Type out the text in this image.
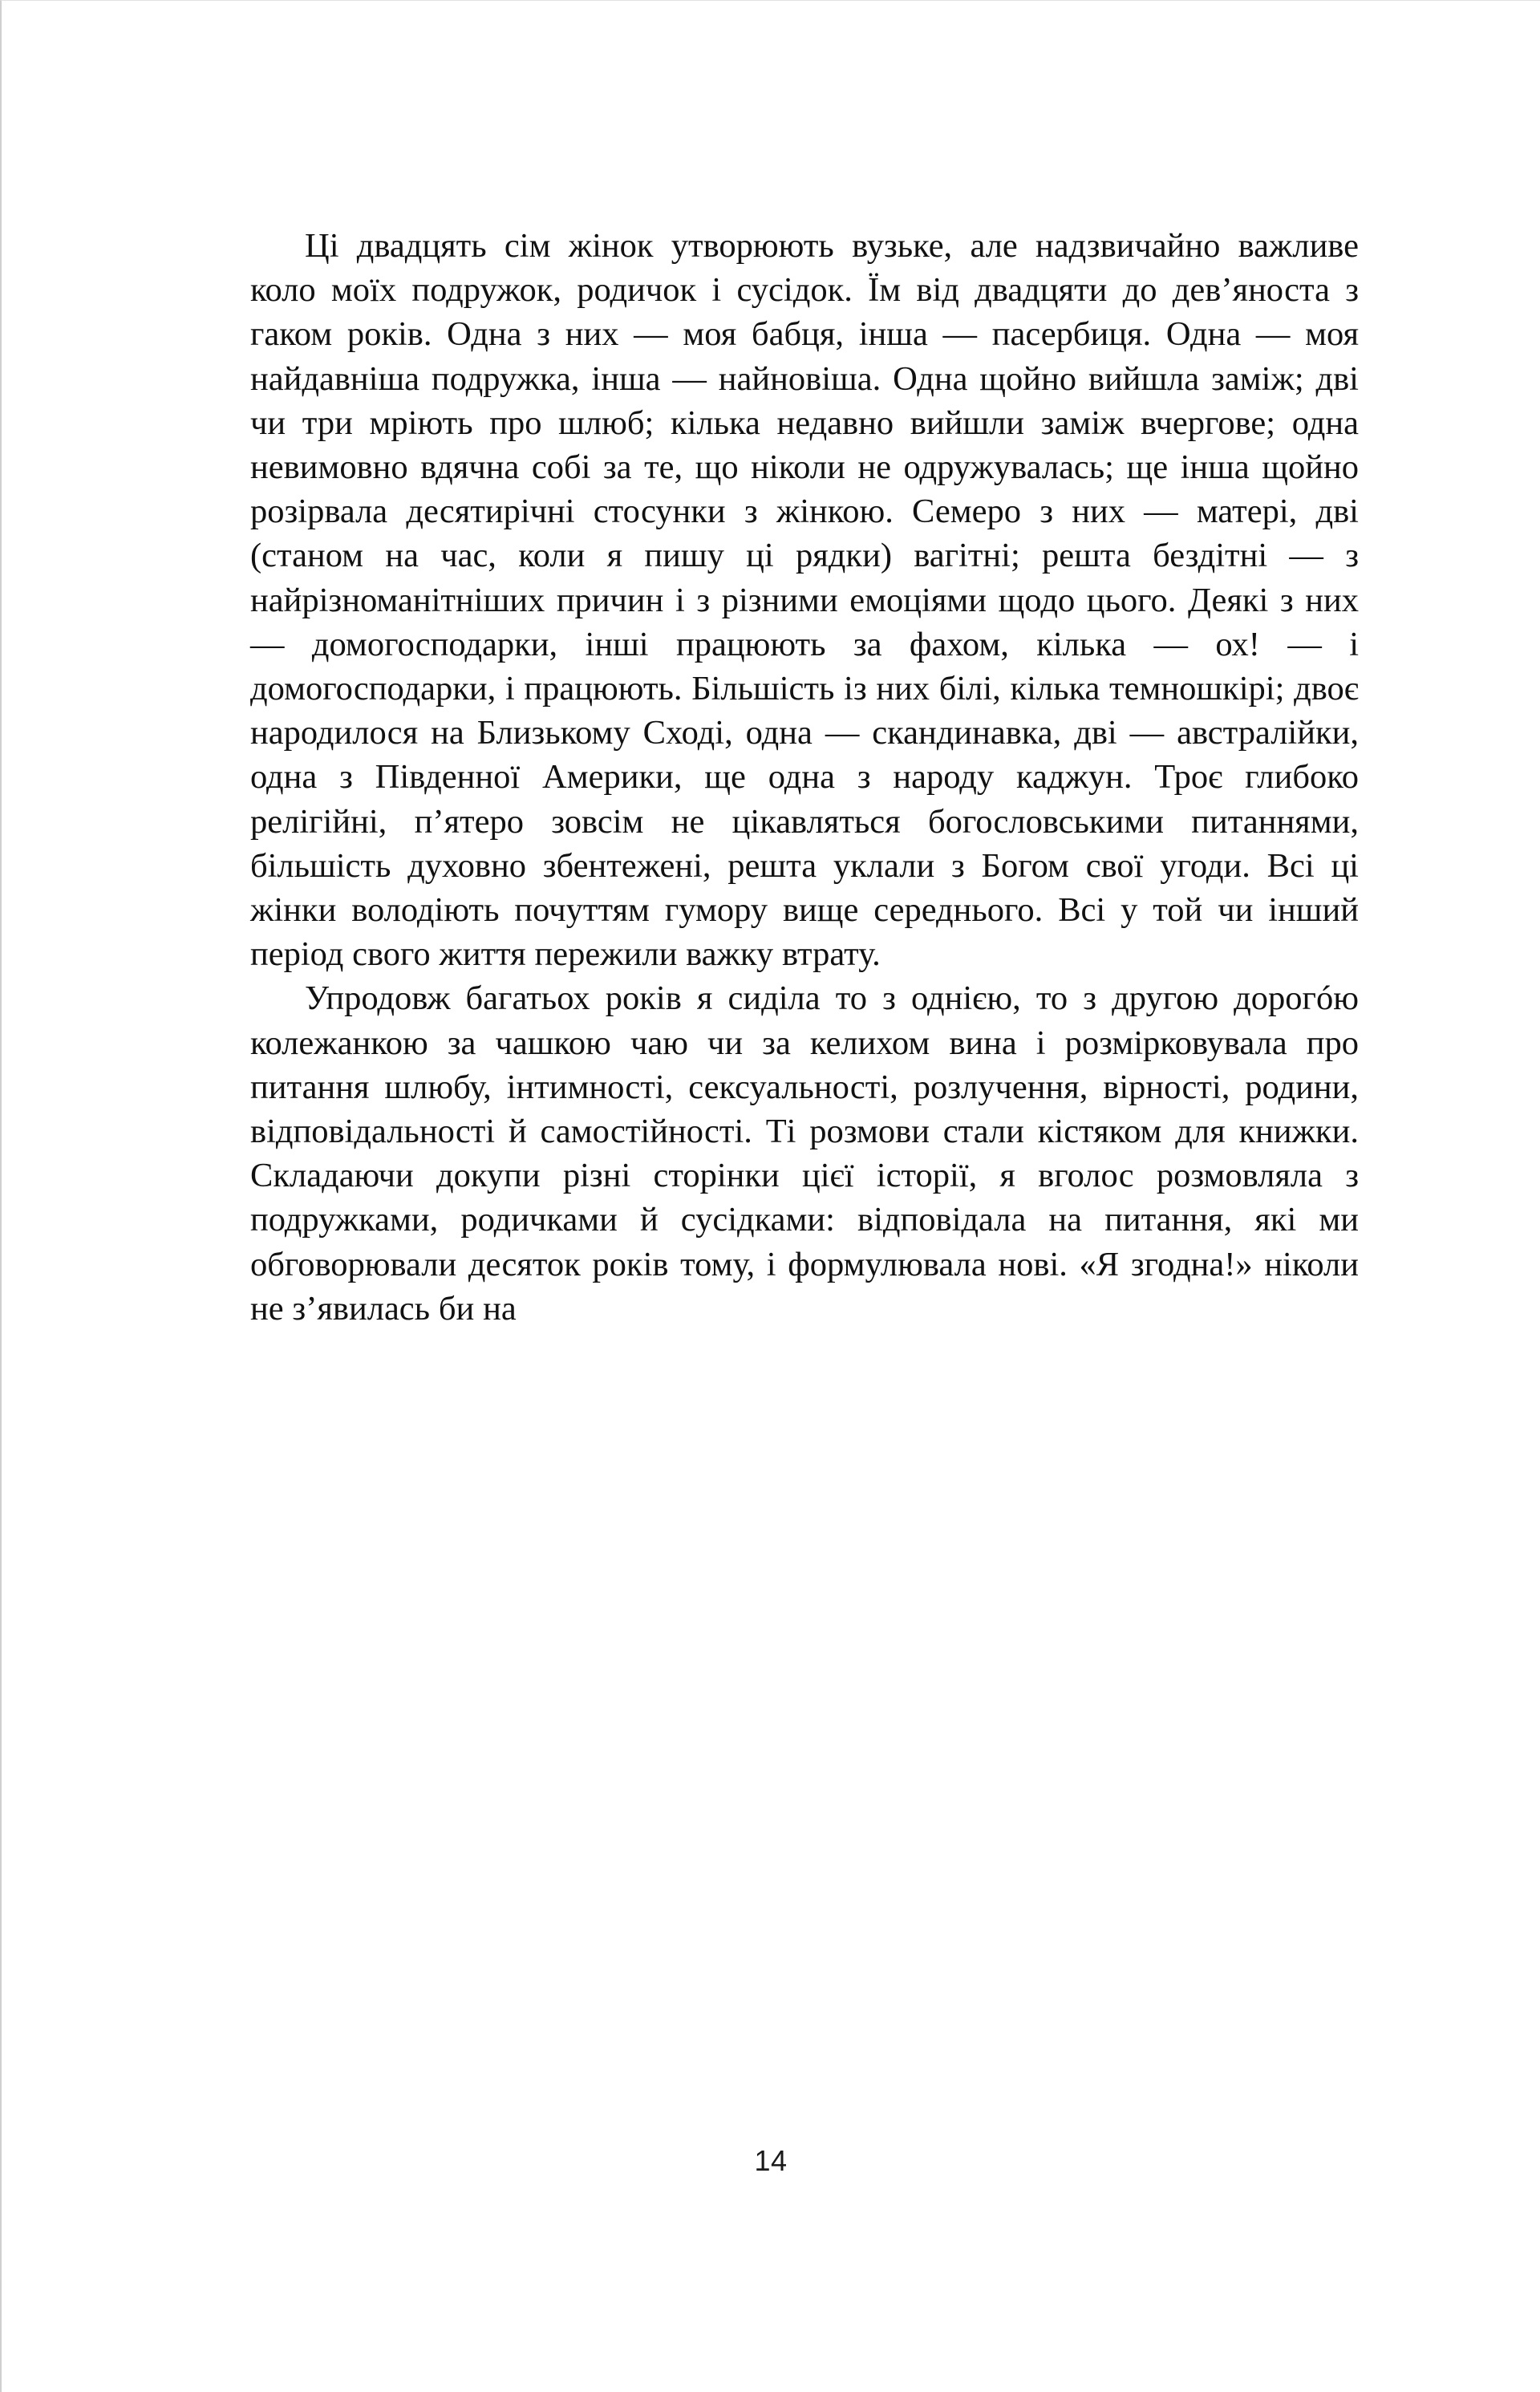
Ці двадцять сім жінок утворюють вузьке, але надзвичайно важливе коло моїх подружок, родичок і сусідок. Їм від двадцяти до дев’яноста з гаком років. Одна з них — моя бабця, інша — пасербиця. Одна — моя найдавніша подружка, інша — найновіша. Одна щойно вийшла заміж; дві чи три мріють про шлюб; кілька недавно вийшли заміж вчергове; одна невимовно вдячна собі за те, що ніколи не одружувалась; ще інша щойно розірвала десятирічні стосунки з жінкою. Семеро з них — матері, дві (станом на час, коли я пишу ці рядки) вагітні; решта бездітні — з найрізноманітніших причин і з різними емоціями щодо цього. Деякі з них — домогосподарки, інші працюють за фахом, кілька — ох! — і домогосподарки, і працюють. Більшість із них білі, кілька темношкірі; двоє народилося на Близькому Сході, одна — скандинавка, дві — австралійки, одна з Південної Америки, ще одна з народу каджун. Троє глибоко релігійні, п’ятеро зовсім не цікавляться богословськими питаннями, більшість духовно збентежені, решта уклали з Богом свої угоди. Всі ці жінки володіють почуттям гумору вище середнього. Всі у той чи інший період свого життя пережили важку втрату.

Упродовж багатьох років я сиділа то з однією, то з другою дорогóю колежанкою за чашкою чаю чи за келихом вина і розмірковувала про питання шлюбу, інтимності, сексуальності, розлучення, вірності, родини, відповідальності й самостійності. Ті розмови стали кістяком для книжки. Складаючи докупи різні сторінки цієї історії, я вголос розмовляла з подружками, родичками й сусідками: відповідала на питання, які ми обговорювали десяток років тому, і формулювала нові. «Я згодна!» ніколи не з’явилась би на

14
